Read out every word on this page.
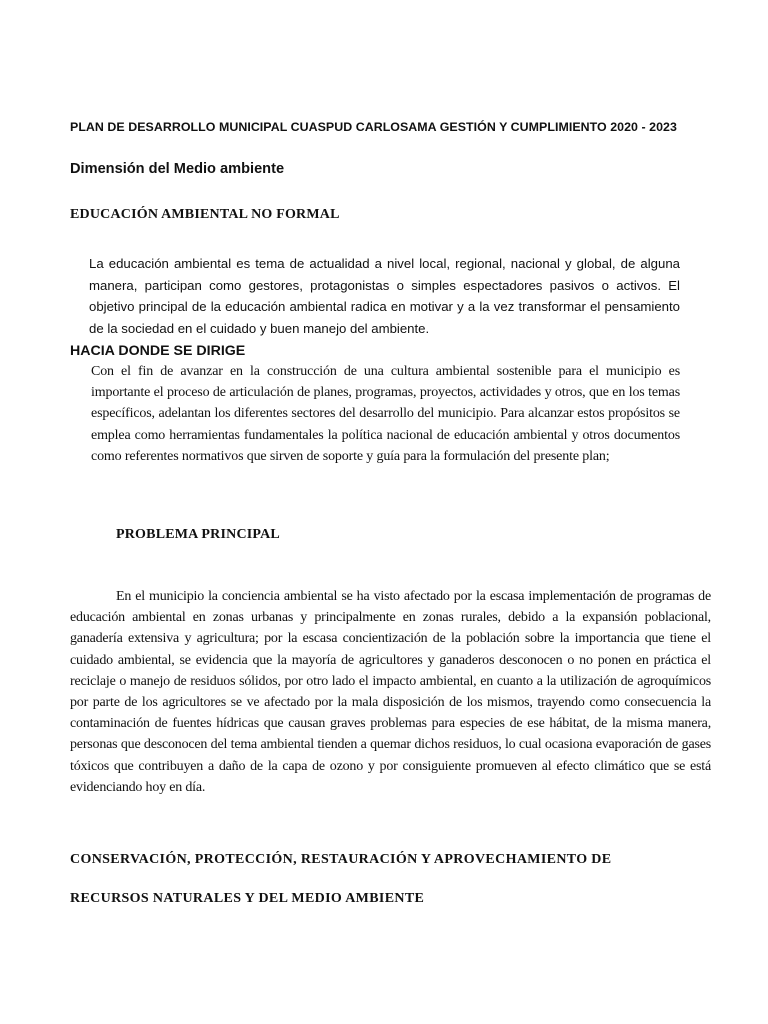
PLAN DE DESARROLLO MUNICIPAL CUASPUD CARLOSAMA GESTIÓN Y CUMPLIMIENTO 2020 - 2023
Dimensión del Medio ambiente
EDUCACIÓN AMBIENTAL NO FORMAL

La educación ambiental es tema de actualidad a nivel local, regional, nacional y global, de alguna manera, participan como gestores, protagonistas o simples espectadores pasivos o activos. El objetivo principal de la educación ambiental radica en motivar y a la vez transformar el pensamiento de la sociedad en el cuidado y buen manejo del ambiente.

HACIA DONDE SE DIRIGE

Con el fin de avanzar en la construcción de una cultura ambiental sostenible para el municipio es importante el proceso de articulación de planes, programas, proyectos, actividades y otros, que en los temas específicos, adelantan los diferentes sectores del desarrollo del municipio. Para alcanzar estos propósitos se emplea como herramientas fundamentales la política nacional de educación ambiental y otros documentos como referentes normativos que sirven de soporte y guía para la formulación del presente plan;

PROBLEMA PRINCIPAL

En el municipio la conciencia ambiental se ha visto afectado por la escasa implementación de programas de educación ambiental en zonas urbanas y principalmente en zonas rurales, debido a la expansión poblacional, ganadería extensiva y agricultura; por la escasa concientización de la población sobre la importancia que tiene el cuidado ambiental, se evidencia que la mayoría de agricultores y ganaderos desconocen o no ponen en práctica el reciclaje o manejo de residuos sólidos, por otro lado el impacto ambiental, en cuanto a la utilización de agroquímicos por parte de los agricultores se ve afectado por la mala disposición de los mismos, trayendo como consecuencia la contaminación de fuentes hídricas que causan graves problemas para especies de ese hábitat, de la misma manera, personas que desconocen del tema ambiental tienden a quemar dichos residuos, lo cual ocasiona evaporación de gases tóxicos que contribuyen a daño de la capa de ozono y por consiguiente promueven al efecto climático que se está evidenciando hoy en día.

CONSERVACIÓN, PROTECCIÓN, RESTAURACIÓN Y APROVECHAMIENTO DE
RECURSOS NATURALES Y DEL MEDIO AMBIENTE
